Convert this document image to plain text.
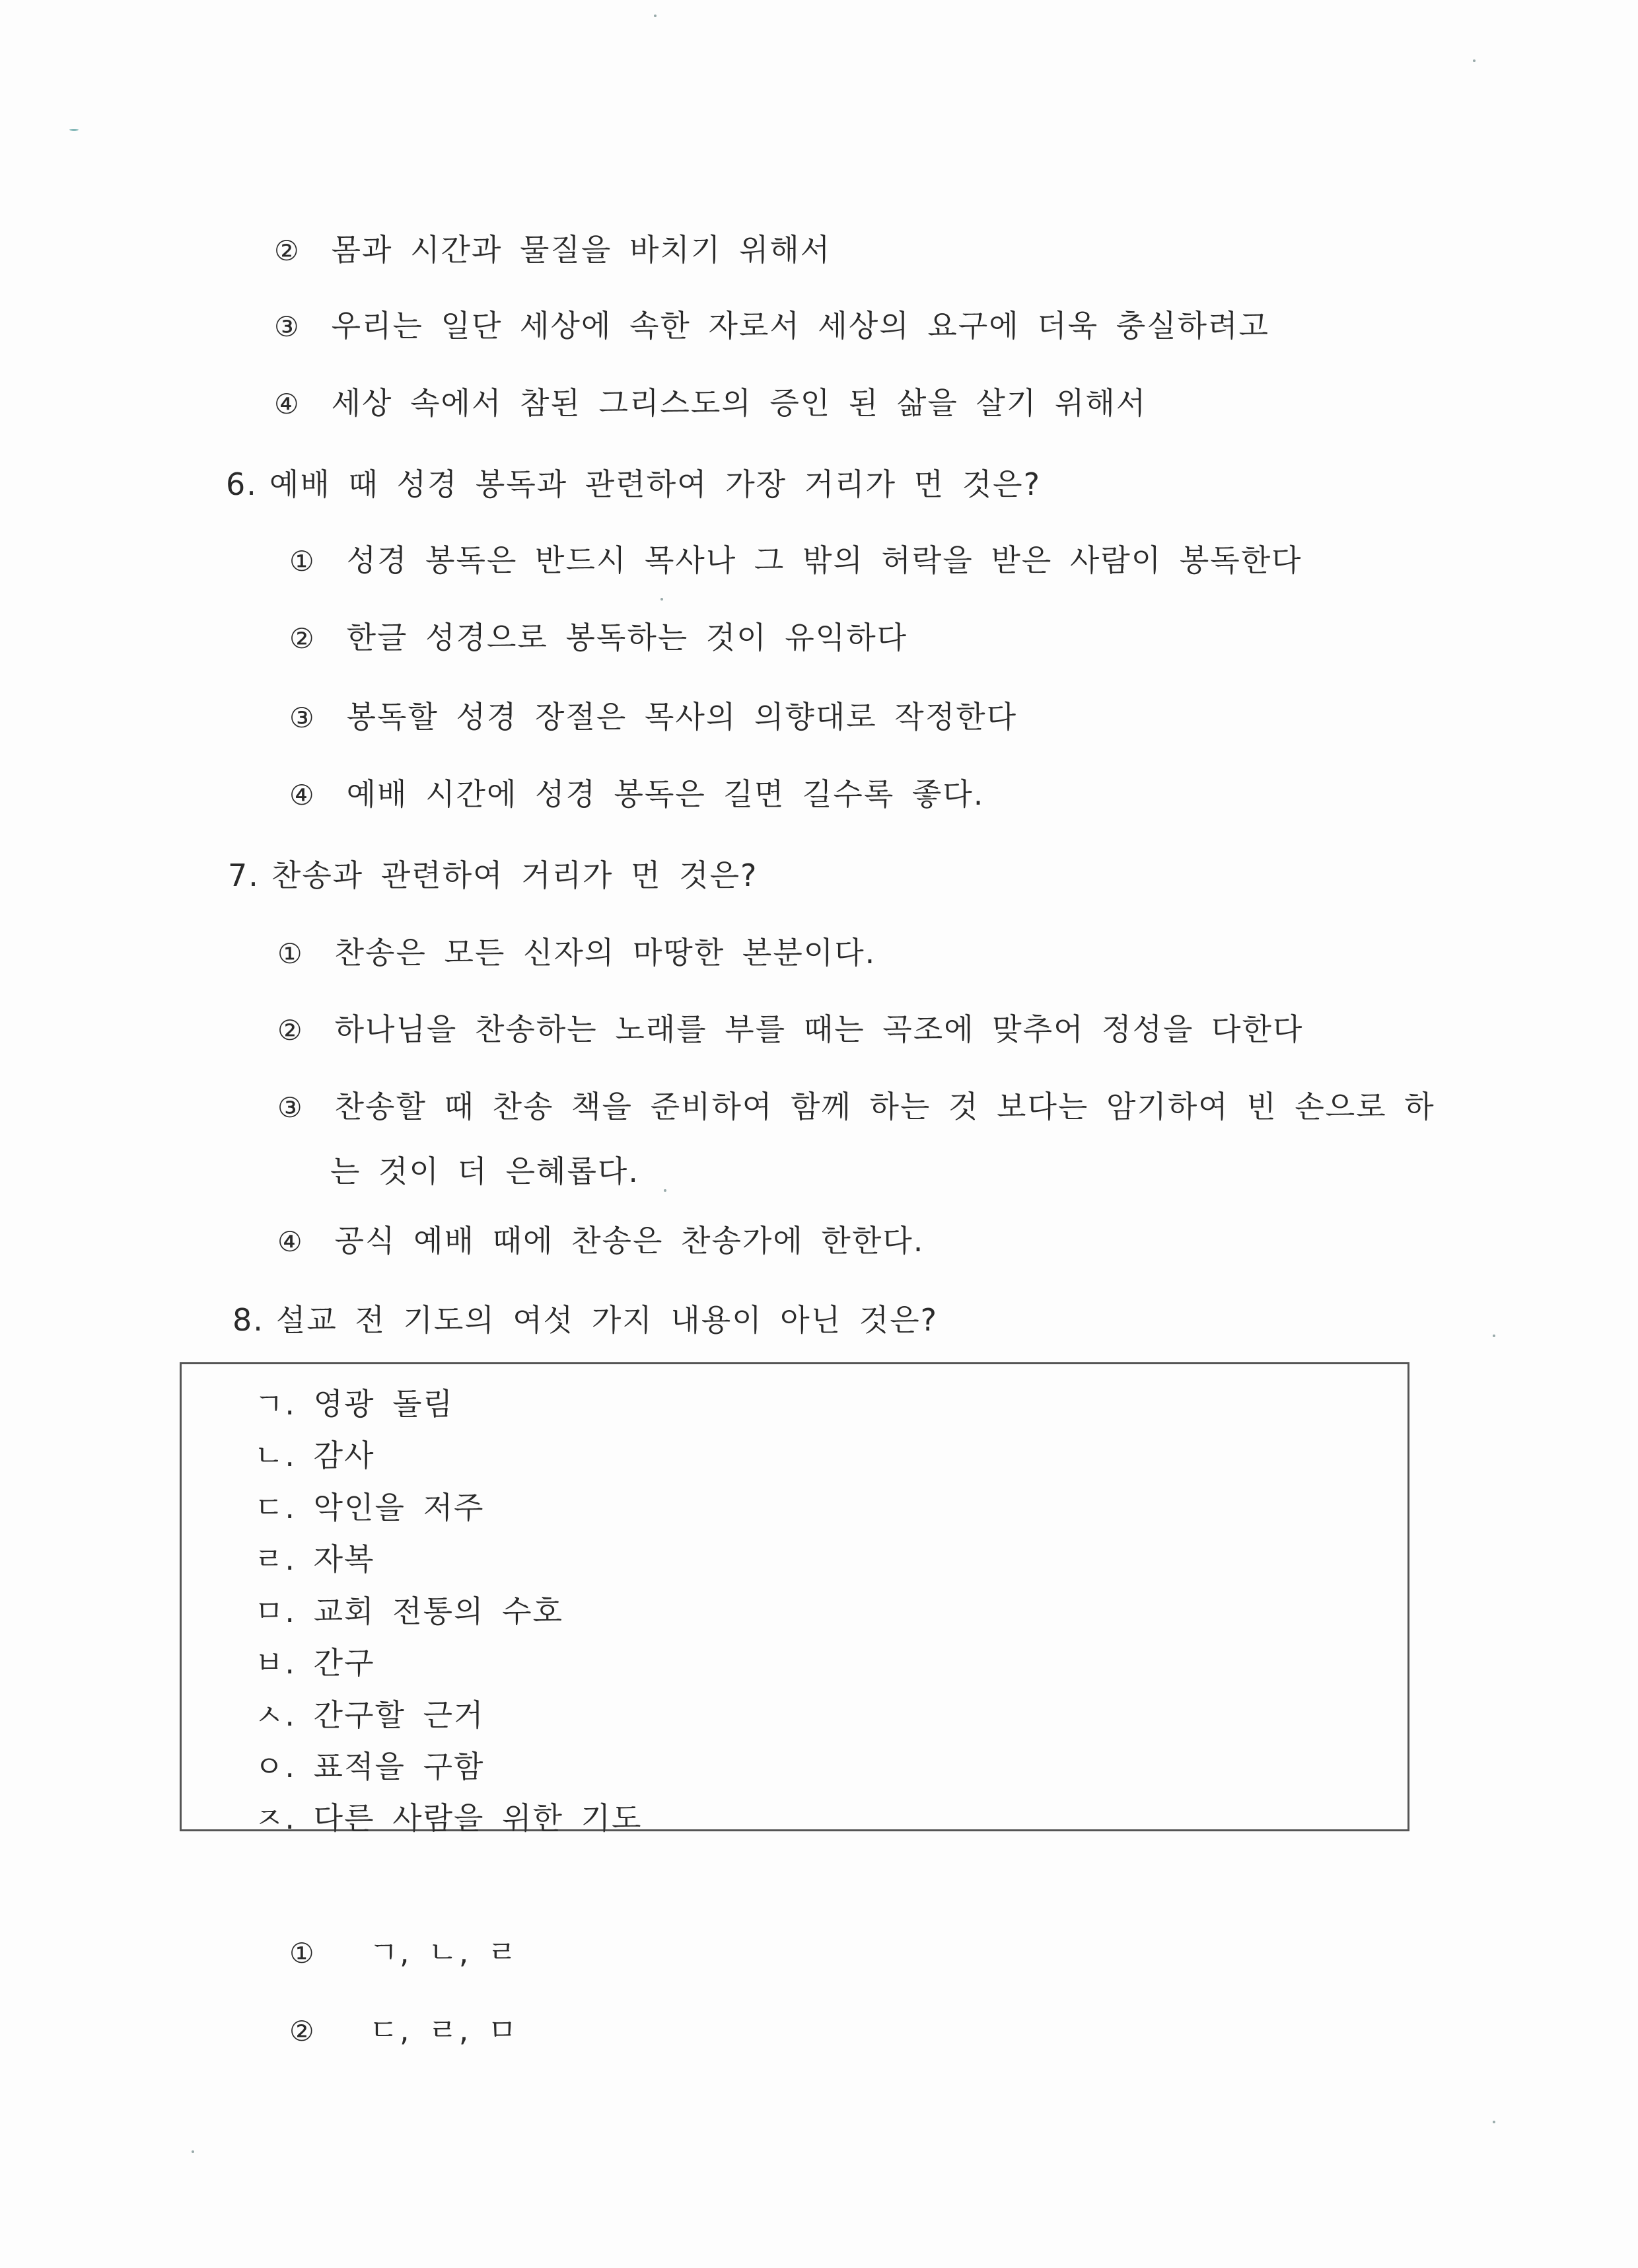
② 몸과 시간과 물질을 바치기 위해서
③ 우리는 일단 세상에 속한 자로서 세상의 요구에 더욱 충실하려고
④ 세상 속에서 참된 그리스도의 증인 된 삶을 살기 위해서
6. 예배 때 성경 봉독과 관련하여 가장 거리가 먼 것은?
① 성경 봉독은 반드시 목사나 그 밖의 허락을 받은 사람이 봉독한다
② 한글 성경으로 봉독하는 것이 유익하다
③ 봉독할 성경 장절은 목사의 의향대로 작정한다
④ 예배 시간에 성경 봉독은 길면 길수록 좋다.
7. 찬송과 관련하여 거리가 먼 것은?
① 찬송은 모든 신자의 마땅한 본분이다.
② 하나님을 찬송하는 노래를 부를 때는 곡조에 맞추어 정성을 다한다
③ 찬송할 때 찬송 책을 준비하여 함께 하는 것 보다는 암기하여 빈 손으로 하
는 것이 더 은혜롭다.
④ 공식 예배 때에 찬송은 찬송가에 한한다.
8. 설교 전 기도의 여섯 가지 내용이 아닌 것은?
ㄱ. 영광 돌림
ㄴ. 감사
ㄷ. 악인을 저주
ㄹ. 자복
ㅁ. 교회 전통의 수호
ㅂ. 간구
ㅅ. 간구할 근거
ㅇ. 표적을 구함
ㅈ. 다른 사람을 위한 기도
① ㄱ, ㄴ, ㄹ
② ㄷ, ㄹ, ㅁ
